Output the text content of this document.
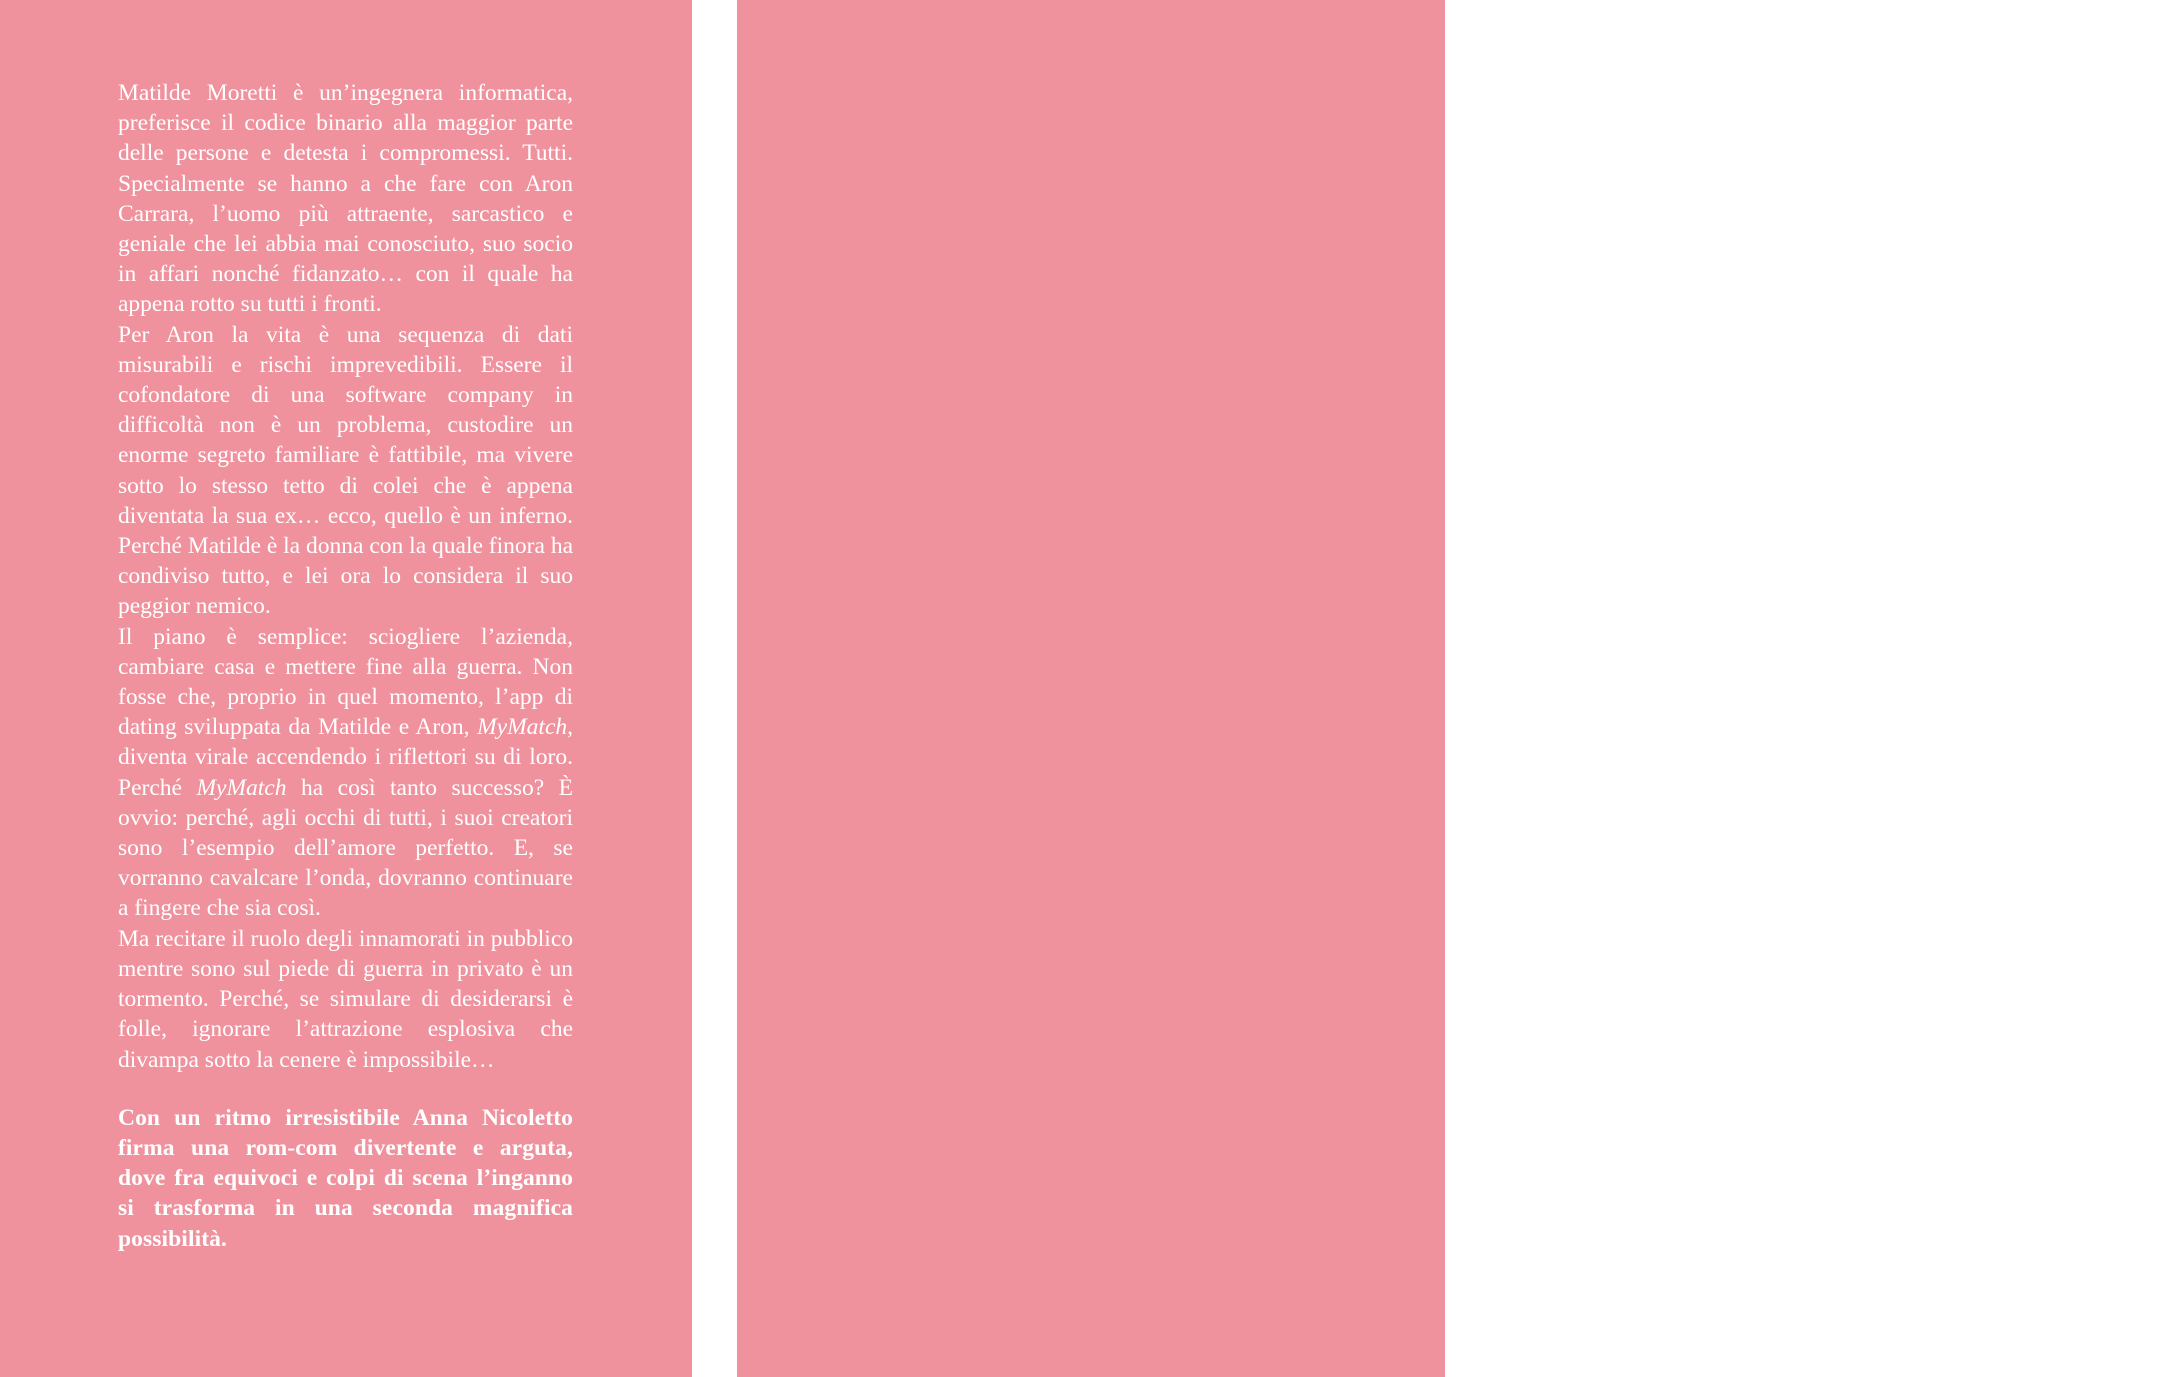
Matilde Moretti è un’ingegnera informatica, preferisce il codice binario alla maggior parte delle persone e detesta i compromessi. Tutti. Specialmente se hanno a che fare con Aron Carrara, l’uomo più attraente, sarcastico e geniale che lei abbia mai conosciuto, suo socio in affari nonché fidanzato… con il quale ha appena rotto su tutti i fronti.

Per Aron la vita è una sequenza di dati misurabili e rischi imprevedibili. Essere il cofondatore di una software company in difficoltà non è un problema, custodire un enorme segreto familiare è fattibile, ma vivere sotto lo stesso tetto di colei che è appena diventata la sua ex… ecco, quello è un inferno. Perché Matilde è la donna con la quale finora ha condiviso tutto, e lei ora lo considera il suo peggior nemico.

Il piano è semplice: sciogliere l’azienda, cambiare casa e mettere fine alla guerra. Non fosse che, proprio in quel momento, l’app di dating sviluppata da Matilde e Aron, MyMatch, diventa virale accendendo i riflettori su di loro. Perché MyMatch ha così tanto successo? È ovvio: perché, agli occhi di tutti, i suoi creatori sono l’esempio dell’amore perfetto. E, se vorranno cavalcare l’onda, dovranno continuare a fingere che sia così.

Ma recitare il ruolo degli innamorati in pubblico mentre sono sul piede di guerra in privato è un tormento. Perché, se simulare di desiderarsi è folle, ignorare l’attrazione esplosiva che divampa sotto la cenere è impossibile…

Con un ritmo irresistibile Anna Nicoletto firma una rom-com divertente e arguta, dove fra equivoci e colpi di scena l’inganno si trasforma in una seconda magnifica possibilità.

ANNA NICOLETTO
vive in provincia di Padova con il marito, due figli e un gatto nero. È una delle autrici più note nel panorama della narrativa rosa contemporanea, con romanzi molto amati come Nemici, Office War, Fino a Marte e ritorno e la serie Gli effetti collaterali.
www.giunti.it
Disponibile anche in versione ebook
Progetto grafico: Rocío Isabel González
Illustrazione in copertina:
elaborazione digitale da © Prostorina / Adobe Stock
© natalyon / Adobe Stock - © Anastasia / Adobe Stock
